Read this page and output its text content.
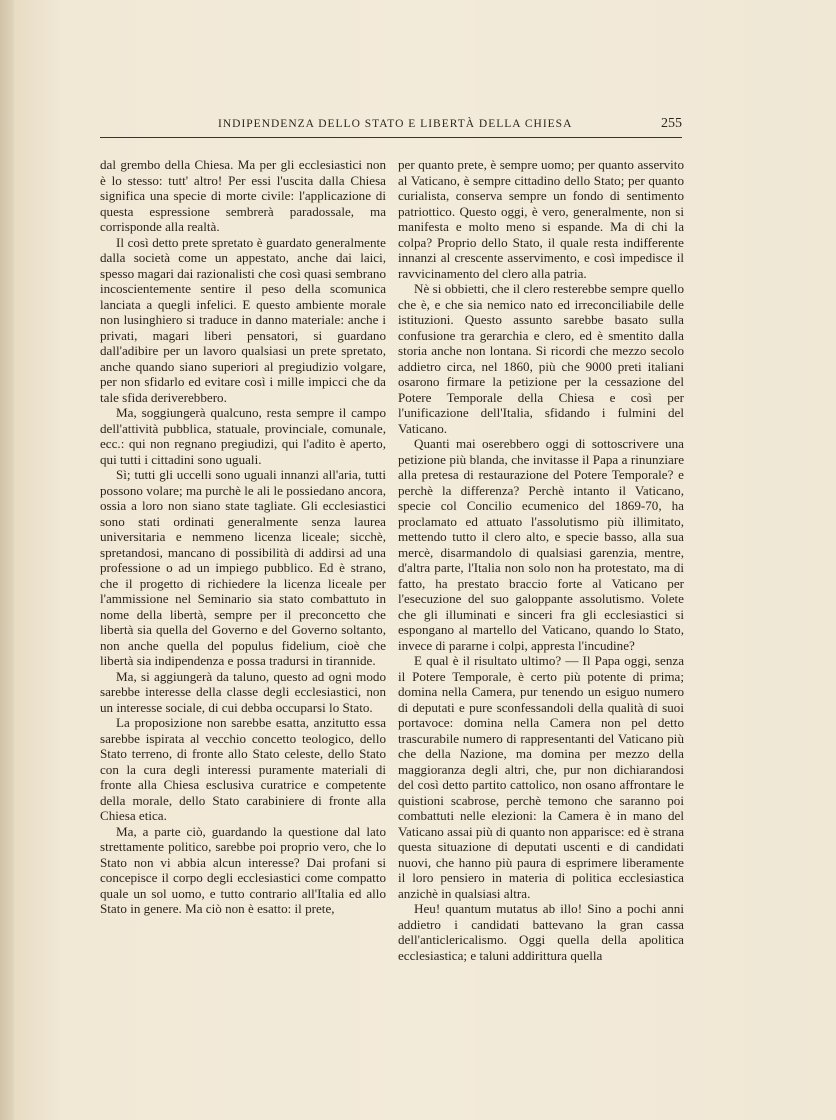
INDIPENDENZA DELLO STATO E LIBERTÀ DELLA CHIESA	255

dal grembo della Chiesa. Ma per gli ecclesiastici non è lo stesso: tutt' altro! Per essi l'uscita dalla Chiesa significa una specie di morte civile: l'applicazione di questa espressione sembrerà paradossale, ma corrisponde alla realtà.

Il così detto prete spretato è guardato generalmente dalla società come un appestato, anche dai laici, spesso magari dai razionalisti che così quasi sembrano incoscientemente sentire il peso della scomunica lanciata a quegli infelici. E questo ambiente morale non lusinghiero si traduce in danno materiale: anche i privati, magari liberi pensatori, si guardano dall'adibire per un lavoro qualsiasi un prete spretato, anche quando siano superiori al pregiudizio volgare, per non sfidarlo ed evitare così i mille impicci che da tale sfida deriverebbero.

Ma, soggiungerà qualcuno, resta sempre il campo dell'attività pubblica, statuale, provinciale, comunale, ecc.: qui non regnano pregiudizi, qui l'adito è aperto, qui tutti i cittadini sono uguali.

Sì; tutti gli uccelli sono uguali innanzi all'aria, tutti possono volare; ma purchè le ali le possiedano ancora, ossia a loro non siano state tagliate. Gli ecclesiastici sono stati ordinati generalmente senza laurea universitaria e nemmeno licenza liceale; sicchè, spretandosi, mancano di possibilità di addirsi ad una professione o ad un impiego pubblico. Ed è strano, che il progetto di richiedere la licenza liceale per l'ammissione nel Seminario sia stato combattuto in nome della libertà, sempre per il preconcetto che libertà sia quella del Governo e del Governo soltanto, non anche quella del populus fidelium, cioè che libertà sia indipendenza e possa tradursi in tirannide.

Ma, si aggiungerà da taluno, questo ad ogni modo sarebbe interesse della classe degli ecclesiastici, non un interesse sociale, di cui debba occuparsi lo Stato.

La proposizione non sarebbe esatta, anzitutto essa sarebbe ispirata al vecchio concetto teologico, dello Stato terreno, di fronte allo Stato celeste, dello Stato con la cura degli interessi puramente materiali di fronte alla Chiesa esclusiva curatrice e competente della morale, dello Stato carabiniere di fronte alla Chiesa etica.

Ma, a parte ciò, guardando la questione dal lato strettamente politico, sarebbe poi proprio vero, che lo Stato non vi abbia alcun interesse? Dai profani si concepisce il corpo degli ecclesiastici come compatto quale un sol uomo, e tutto contrario all'Italia ed allo Stato in genere. Ma ciò non è esatto: il prete,

per quanto prete, è sempre uomo; per quanto asservito al Vaticano, è sempre cittadino dello Stato; per quanto curialista, conserva sempre un fondo di sentimento patriottico. Questo oggi, è vero, generalmente, non si manifesta e molto meno si espande. Ma di chi la colpa? Proprio dello Stato, il quale resta indifferente innanzi al crescente asservimento, e così impedisce il ravvicinamento del clero alla patria.

Nè si obbietti, che il clero resterebbe sempre quello che è, e che sia nemico nato ed irreconciliabile delle istituzioni. Questo assunto sarebbe basato sulla confusione tra gerarchia e clero, ed è smentito dalla storia anche non lontana. Si ricordi che mezzo secolo addietro circa, nel 1860, più che 9000 preti italiani osarono firmare la petizione per la cessazione del Potere Temporale della Chiesa e così per l'unificazione dell'Italia, sfidando i fulmini del Vaticano.

Quanti mai oserebbero oggi di sottoscrivere una petizione più blanda, che invitasse il Papa a rinunziare alla pretesa di restaurazione del Potere Temporale? e perchè la differenza? Perchè intanto il Vaticano, specie col Concilio ecumenico del 1869-70, ha proclamato ed attuato l'assolutismo più illimitato, mettendo tutto il clero alto, e specie basso, alla sua mercè, disarmandolo di qualsiasi garenzia, mentre, d'altra parte, l'Italia non solo non ha protestato, ma di fatto, ha prestato braccio forte al Vaticano per l'esecuzione del suo galoppante assolutismo. Volete che gli illuminati e sinceri fra gli ecclesiastici si espongano al martello del Vaticano, quando lo Stato, invece di pararne i colpi, appresta l'incudine?

E qual è il risultato ultimo? — Il Papa oggi, senza il Potere Temporale, è certo più potente di prima; domina nella Camera, pur tenendo un esiguo numero di deputati e pure sconfessandoli della qualità di suoi portavoce: domina nella Camera non pel detto trascurabile numero di rappresentanti del Vaticano più che della Nazione, ma domina per mezzo della maggioranza degli altri, che, pur non dichiarandosi del così detto partito cattolico, non osano affrontare le quistioni scabrose, perchè temono che saranno poi combattuti nelle elezioni: la Camera è in mano del Vaticano assai più di quanto non apparisce: ed è strana questa situazione di deputati uscenti e di candidati nuovi, che hanno più paura di esprimere liberamente il loro pensiero in materia di politica ecclesiastica anzichè in qualsiasi altra.

Heu! quantum mutatus ab illo! Sino a pochi anni addietro i candidati battevano la gran cassa dell'anticlericalismo. Oggi quella della apolitica ecclesiastica; e taluni addirittura quella
